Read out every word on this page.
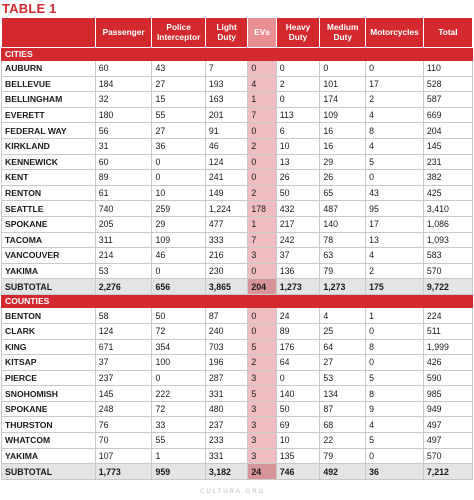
TABLE 1
	Passenger	Police Interceptor	Light Duty	EVs	Heavy Duty	Medium Duty	Motorcycles	Total
CITIES								
AUBURN	60	43	7	0	0	0	0	110
BELLEVUE	184	27	193	4	2	101	17	528
BELLINGHAM	32	15	163	1	0	174	2	587
EVERETT	180	55	201	7	113	109	4	669
FEDERAL WAY	56	27	91	0	6	16	8	204
KIRKLAND	31	36	46	2	10	16	4	145
KENNEWICK	60	0	124	0	13	29	5	231
KENT	89	0	241	0	26	26	0	382
RENTON	61	10	149	2	50	65	43	425
SEATTLE	740	259	1,224	178	432	487	95	3,410
SPOKANE	205	29	477	1	217	140	17	1,086
TACOMA	311	109	333	7	242	78	13	1,093
VANCOUVER	214	46	216	3	37	63	4	583
YAKIMA	53	0	230	0	136	79	2	570
SUBTOTAL	2,276	656	3,865	204	1,273	1,273	175	9,722
COUNTIES								
BENTON	58	50	87	0	24	4	1	224
CLARK	124	72	240	0	89	25	0	511
KING	671	354	703	5	176	64	8	1,999
KITSAP	37	100	196	2	64	27	0	426
PIERCE	237	0	287	3	0	53	5	590
SNOHOMISH	145	222	331	5	140	134	8	985
SPOKANE	248	72	480	3	50	87	9	949
THURSTON	76	33	237	3	69	68	4	497
WHATCOM	70	55	233	3	10	22	5	497
YAKIMA	107	1	331	3	135	79	0	570
SUBTOTAL	1,773	959	3,182	24	746	492	36	7,212
CULTURA.ORG
